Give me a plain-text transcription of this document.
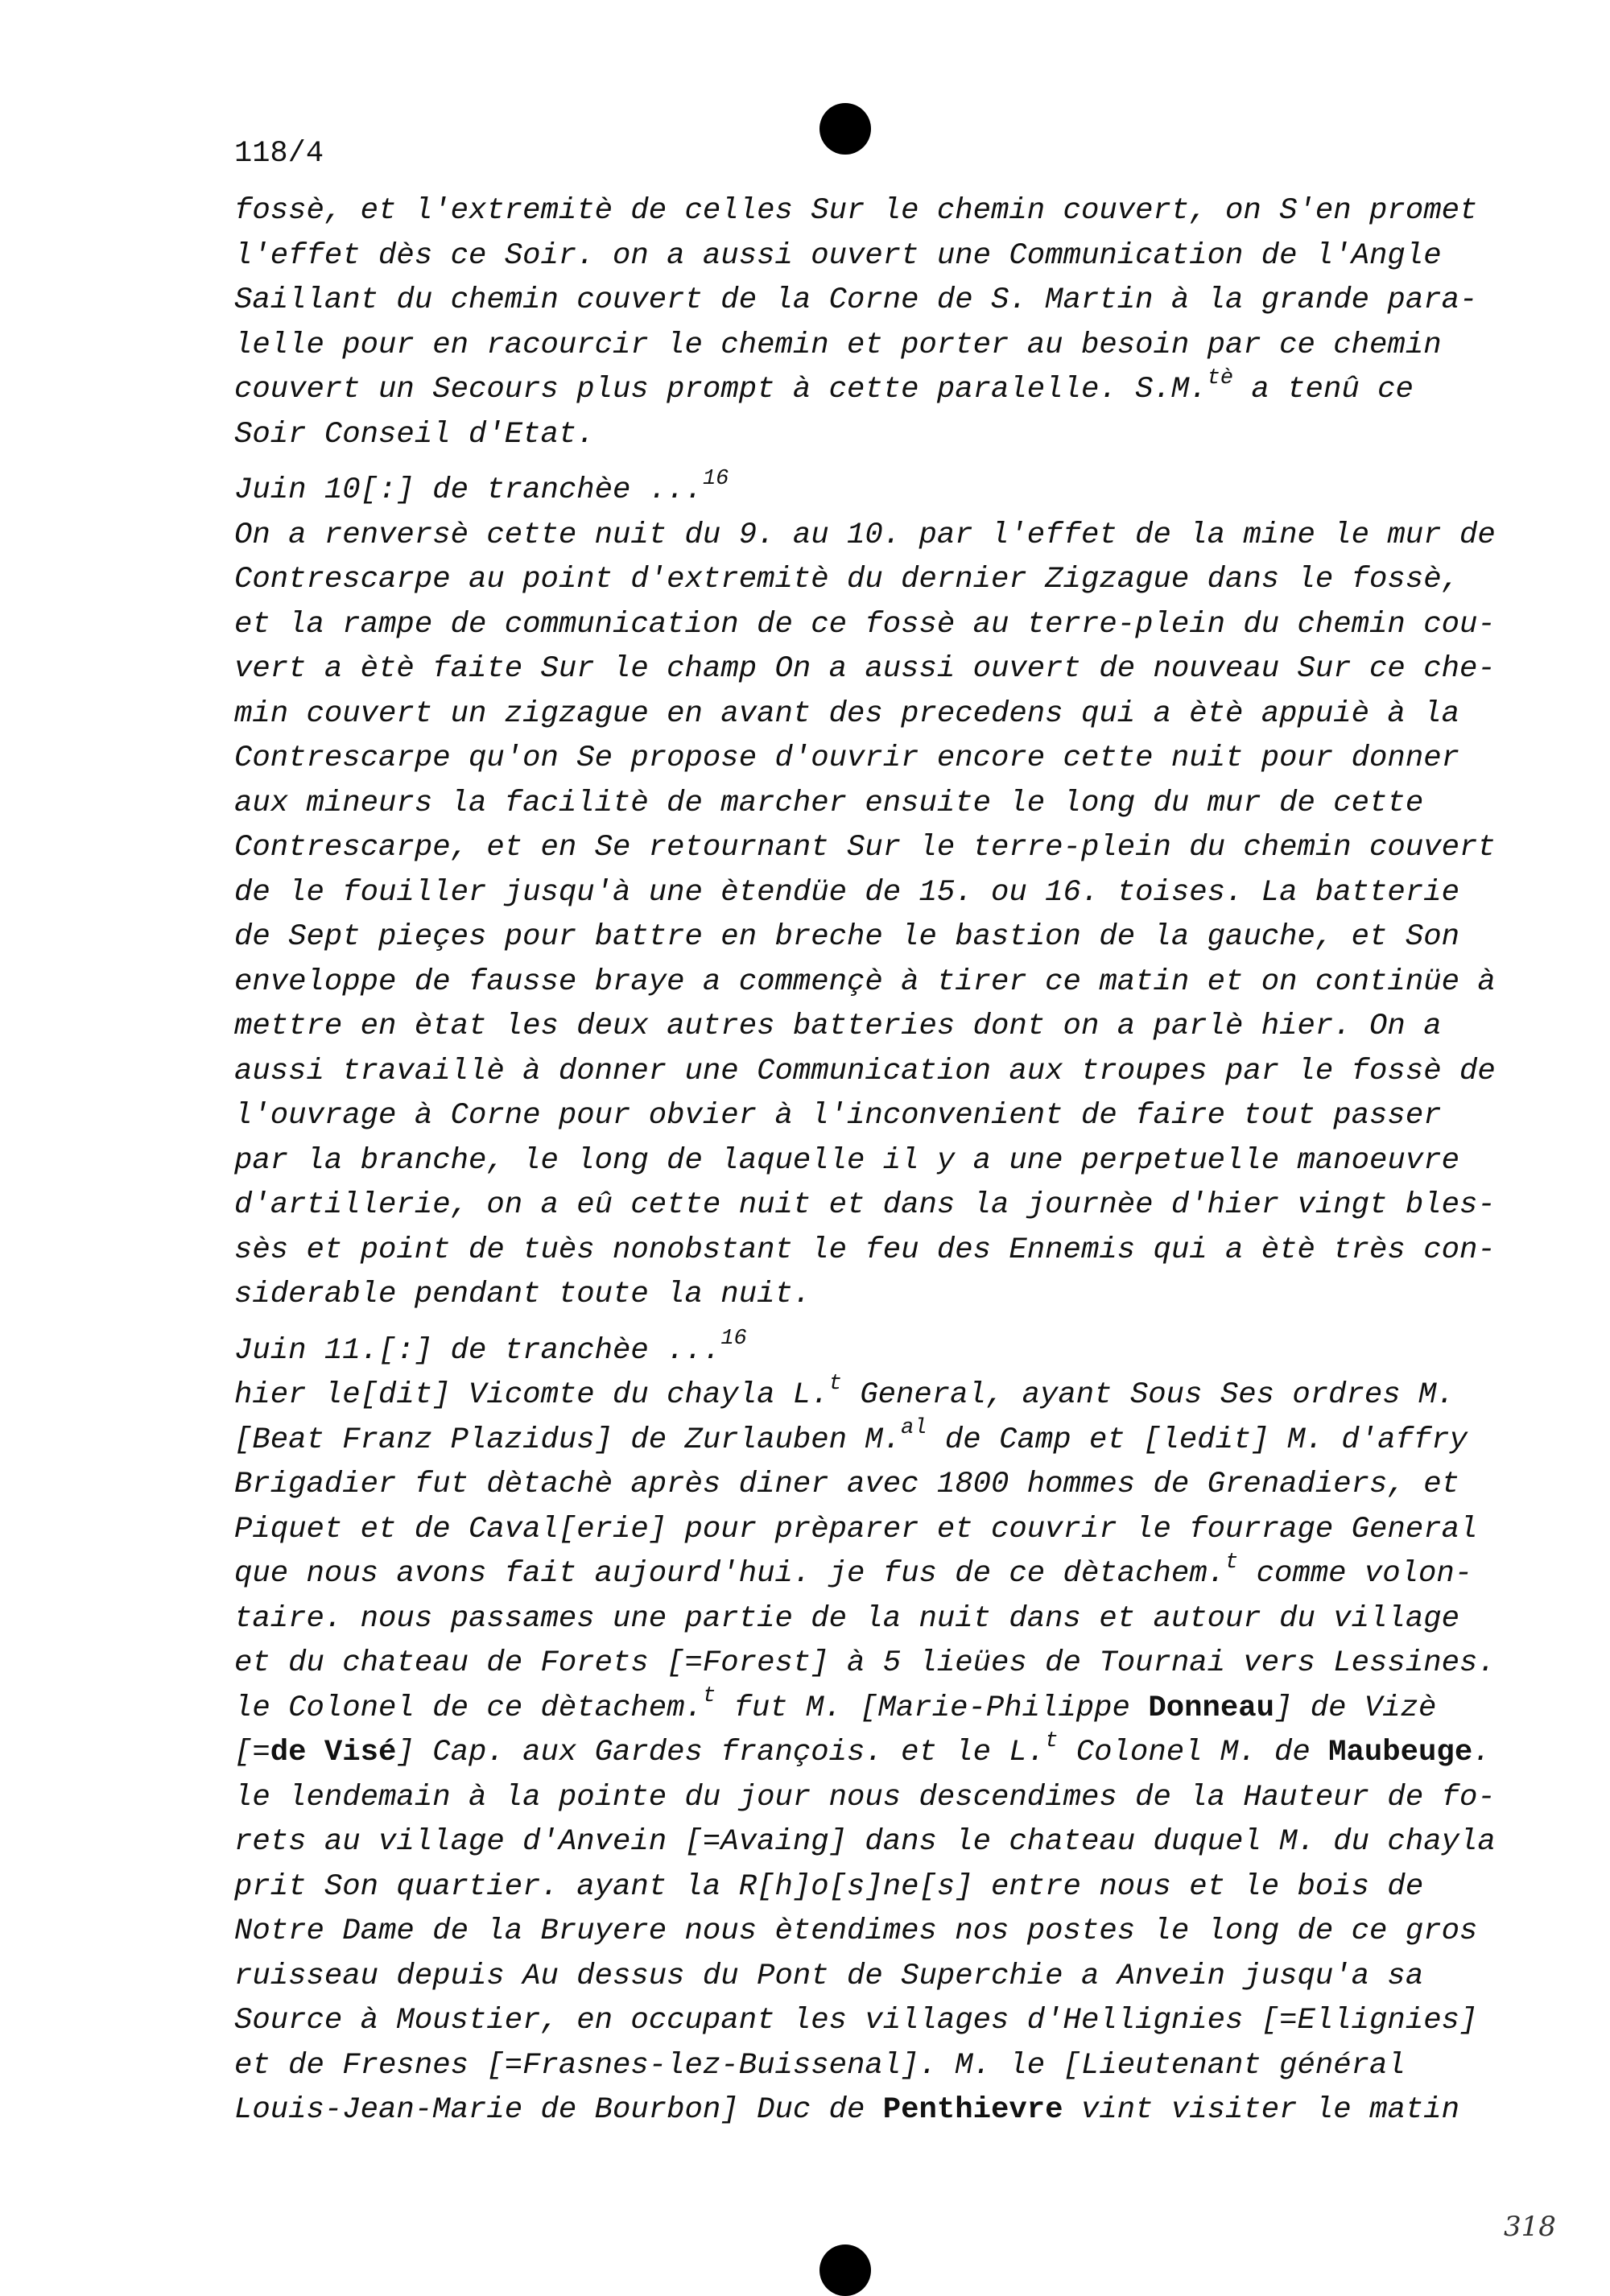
118/4
fossè, et l'extremitè de celles Sur le chemin couvert, on S'en promet
l'effet dès ce Soir. on a aussi ouvert une Communication de l'Angle
Saillant du chemin couvert de la Corne de S. Martin à la grande para-
lelle pour en racourcir le chemin et porter au besoin par ce chemin
couvert un Secours plus prompt à cette paralelle. S.M.$^{tè}$ a tenû ce
Soir Conseil d'Etat.
Juin 10[:] de tranchèe ...$^{16}$
On a renversè cette nuit du 9. au 10. par l'effet de la mine le mur de
Contrescarpe au point d'extremitè du dernier Zigzague dans le fossè,
et la rampe de communication de ce fossè au terre-plein du chemin cou-
vert a ètè faite Sur le champ On a aussi ouvert de nouveau Sur ce che-
min couvert un zigzague en avant des precedens qui a ètè appuiè à la
Contrescarpe qu'on Se propose d'ouvrir encore cette nuit pour donner
aux mineurs la facilitè de marcher ensuite le long du mur de cette
Contrescarpe, et en Se retournant Sur le terre-plein du chemin couvert
de le fouiller jusqu'à une ètendüe de 15. ou 16. toises. La batterie
de Sept pieçes pour battre en breche le bastion de la gauche, et Son
enveloppe de fausse braye a commençè à tirer ce matin et on continüe à
mettre en ètat les deux autres batteries dont on a parlè hier. On a
aussi travaillè à donner une Communication aux troupes par le fossè de
l'ouvrage à Corne pour obvier à l'inconvenient de faire tout passer
par la branche, le long de laquelle il y a une perpetuelle manoeuvre
d'artillerie, on a eû cette nuit et dans la journèe d'hier vingt bles-
sès et point de tuès nonobstant le feu des Ennemis qui a ètè très con-
siderable pendant toute la nuit.
Juin 11.[:] de tranchèe ...$^{16}$
hier le[dit] Vicomte du chayla L.$^t$ General, ayant Sous Ses ordres M.
[Beat Franz Plazidus] de Zurlauben M.$^{al}$ de Camp et [ledit] M. d'affry
Brigadier fut dètachè après diner avec 1800 hommes de Grenadiers, et
Piquet et de Caval[erie] pour prèparer et couvrir le fourrage General
que nous avons fait aujourd'hui. je fus de ce dètachem.$^t$ comme volon-
taire. nous passames une partie de la nuit dans et autour du village
et du chateau de Forets [=Forest] à 5 lieües de Tournai vers Lessines.
le Colonel de ce dètachem.$^t$ fut M. [Marie-Philippe Donneau] de Vizè
[=de Visé] Cap. aux Gardes françois. et le L.$^t$ Colonel M. de Maubeuge.
le lendemain à la pointe du jour nous descendimes de la Hauteur de fo-
rets au village d'Anvein [=Avaing] dans le chateau duquel M. du chayla
prit Son quartier. ayant la R[h]o[s]ne[s] entre nous et le bois de
Notre Dame de la Bruyere nous ètendimes nos postes le long de ce gros
ruisseau depuis Au dessus du Pont de Superchie a Anvein jusqu'a sa
Source à Moustier, en occupant les villages d'Hellignies [=Ellignies]
et de Fresnes [=Frasnes-lez-Buissenal]. M. le [Lieutenant général
Louis-Jean-Marie de Bourbon] Duc de Penthievre vint visiter le matin
318
